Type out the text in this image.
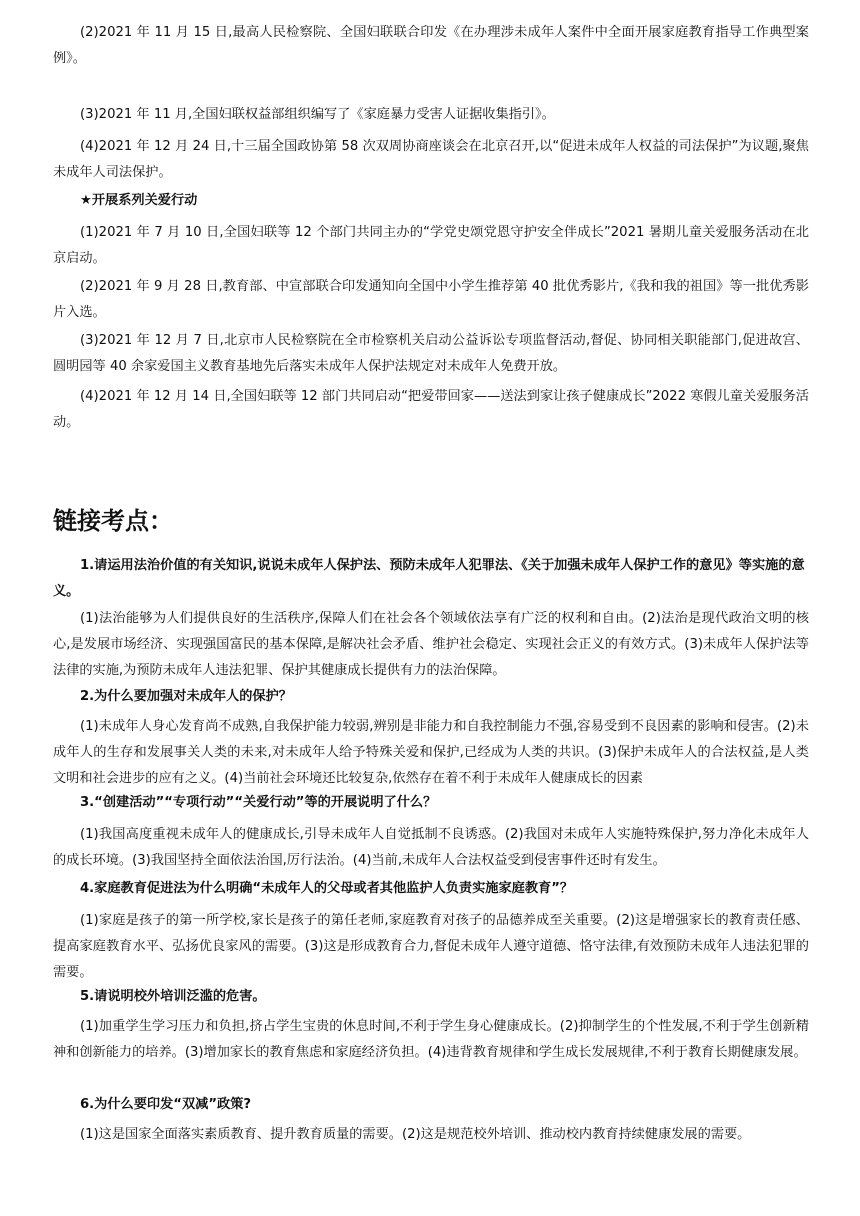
(2)2021 年 11 月 15 日,最高人民检察院、全国妇联联合印发《在办理涉未成年人案件中全面开展家庭教育指导工作典型案例》。

(3)2021 年 11 月,全国妇联权益部组织编写了《家庭暴力受害人证据收集指引》。

(4)2021 年 12 月 24 日,十三届全国政协第 58 次双周协商座谈会在北京召开,以“促进未成年人权益的司法保护”为议题,聚焦未成年人司法保护。

★开展系列关爱行动

(1)2021 年 7 月 10 日,全国妇联等 12 个部门共同主办的“学党史颂党恩守护安全伴成长”2021 暑期儿童关爱服务活动在北京启动。

(2)2021 年 9 月 28 日,教育部、中宣部联合印发通知向全国中小学生推荐第 40 批优秀影片,《我和我的祖国》等一批优秀影片入选。

(3)2021 年 12 月 7 日,北京市人民检察院在全市检察机关启动公益诉讼专项监督活动,督促、协同相关职能部门,促进故宫、圆明园等 40 余家爱国主义教育基地先后落实未成年人保护法规定对未成年人免费开放。

(4)2021 年 12 月 14 日,全国妇联等 12 部门共同启动“把爱带回家——送法到家让孩子健康成长”2022 寒假儿童关爱服务活动。

链接考点：

1.请运用法治价值的有关知识,说说未成年人保护法、预防未成年人犯罪法、《关于加强未成年人保护工作的意见》等实施的意义。

(1)法治能够为人们提供良好的生活秩序,保障人们在社会各个领域依法享有广泛的权利和自由。(2)法治是现代政治文明的核心,是发展市场经济、实现强国富民的基本保障,是解决社会矛盾、维护社会稳定、实现社会正义的有效方式。(3)未成年人保护法等法律的实施,为预防未成年人违法犯罪、保护其健康成长提供有力的法治保障。

2.为什么要加强对未成年人的保护？

(1)未成年人身心发育尚不成熟,自我保护能力较弱,辨别是非能力和自我控制能力不强,容易受到不良因素的影响和侵害。(2)未成年人的生存和发展事关人类的未来,对未成年人给予特殊关爱和保护,已经成为人类的共识。(3)保护未成年人的合法权益,是人类文明和社会进步的应有之义。(4)当前社会环境还比较复杂,依然存在着不利于未成年人健康成长的因素

3.“创建活动”“专项行动”“关爱行动”等的开展说明了什么？

(1)我国高度重视未成年人的健康成长,引导未成年人自觉抵制不良诱惑。(2)我国对未成年人实施特殊保护,努力净化未成年人的成长环境。(3)我国坚持全面依法治国,厉行法治。(4)当前,未成年人合法权益受到侵害事件还时有发生。

4.家庭教育促进法为什么明确“未成年人的父母或者其他监护人负责实施家庭教育”？

(1)家庭是孩子的第一所学校,家长是孩子的第任老师,家庭教育对孩子的品德养成至关重要。(2)这是增强家长的教育责任感、提高家庭教育水平、弘扬优良家风的需要。(3)这是形成教育合力,督促未成年人遵守道德、恪守法律,有效预防未成年人违法犯罪的需要。

5.请说明校外培训泛滥的危害。

(1)加重学生学习压力和负担,挤占学生宝贵的休息时间,不利于学生身心健康成长。(2)抑制学生的个性发展,不利于学生创新精神和创新能力的培养。(3)增加家长的教育焦虑和家庭经济负担。(4)违背教育规律和学生成长发展规律,不利于教育长期健康发展。

6.为什么要印发“双减”政策?

(1)这是国家全面落实素质教育、提升教育质量的需要。(2)这是规范校外培训、推动校内教育持续健康发展的需要。
